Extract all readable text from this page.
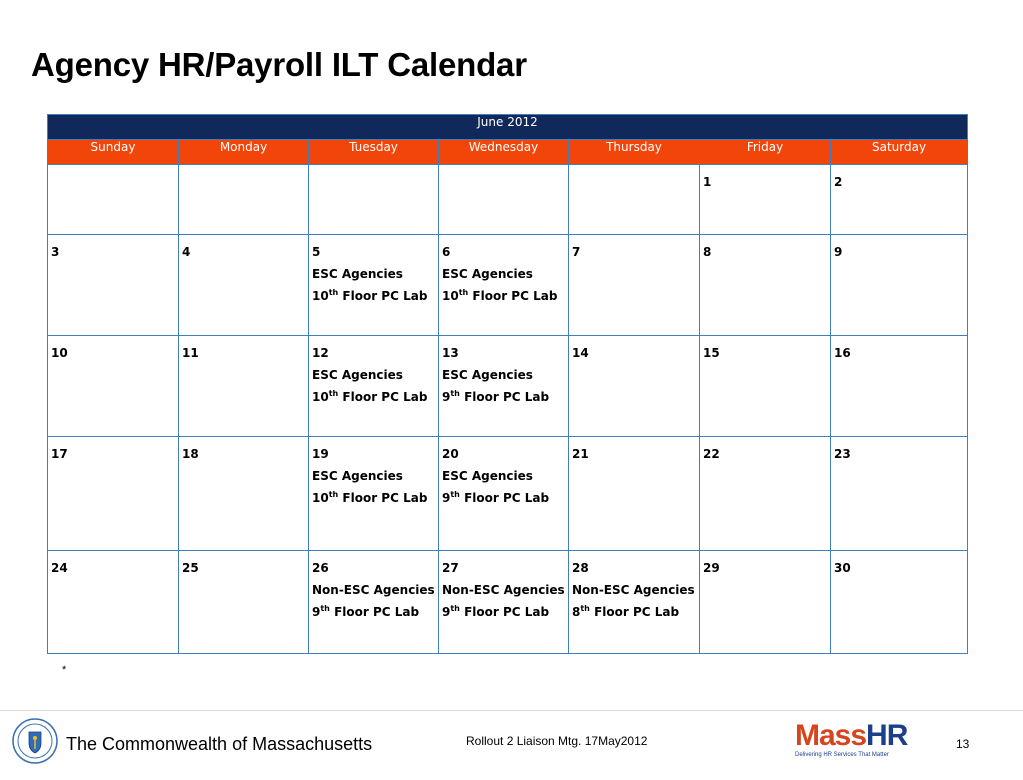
Agency HR/Payroll ILT Calendar
June 2012						
Sunday	Monday	Tuesday	Wednesday	Thursday	Friday	Saturday

					1	2

3	4	5
ESC Agencies
10th Floor PC Lab	6
ESC Agencies
10th Floor PC Lab	7	8	9

10	11	12
ESC Agencies
10th Floor PC Lab	13
ESC Agencies
9th Floor PC Lab	14	15	16

17	18	19
ESC Agencies
10th Floor PC Lab	20
ESC Agencies
9th Floor PC Lab	21	22	23

24	25	26
Non-ESC Agencies
9th Floor PC Lab	27
Non-ESC Agencies
9th Floor PC Lab	28
Non-ESC Agencies
8th Floor PC Lab	29	30
*
The Commonwealth of Massachusetts	Rollout 2 Liaison Mtg. 17May2012	MassHR
Delivering HR Services That Matter
13
